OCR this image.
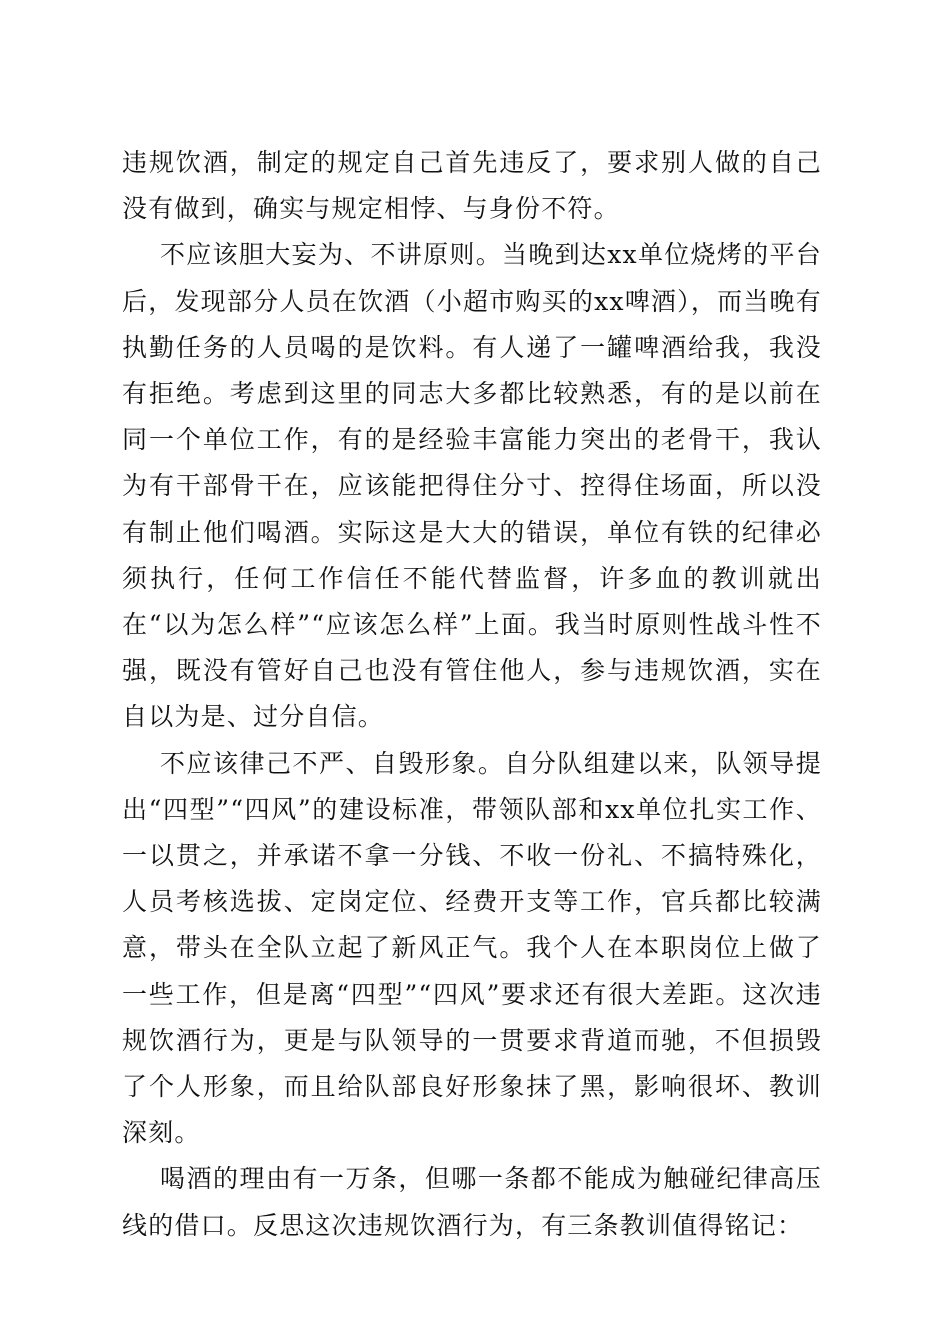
违规饮酒，制定的规定自己首先违反了，要求别人做的自己没有做到，确实与规定相悖、与身份不符。

不应该胆大妄为、不讲原则。当晚到达xx单位烧烤的平台后，发现部分人员在饮酒（小超市购买的xx啤酒），而当晚有执勤任务的人员喝的是饮料。有人递了一罐啤酒给我，我没有拒绝。考虑到这里的同志大多都比较熟悉，有的是以前在同一个单位工作，有的是经验丰富能力突出的老骨干，我认为有干部骨干在，应该能把得住分寸、控得住场面，所以没有制止他们喝酒。实际这是大大的错误，单位有铁的纪律必须执行，任何工作信任不能代替监督，许多血的教训就出在“以为怎么样”“应该怎么样”上面。我当时原则性战斗性不强，既没有管好自己也没有管住他人，参与违规饮酒，实在自以为是、过分自信。

不应该律己不严、自毁形象。自分队组建以来，队领导提出“四型”“四风”的建设标准，带领队部和xx单位扎实工作、一以贯之，并承诺不拿一分钱、不收一份礼、不搞特殊化，人员考核选拔、定岗定位、经费开支等工作，官兵都比较满意，带头在全队立起了新风正气。我个人在本职岗位上做了一些工作，但是离“四型”“四风”要求还有很大差距。这次违规饮酒行为，更是与队领导的一贯要求背道而驰，不但损毁了个人形象，而且给队部良好形象抹了黑，影响很坏、教训深刻。

喝酒的理由有一万条，但哪一条都不能成为触碰纪律高压线的借口。反思这次违规饮酒行为，有三条教训值得铭记：
